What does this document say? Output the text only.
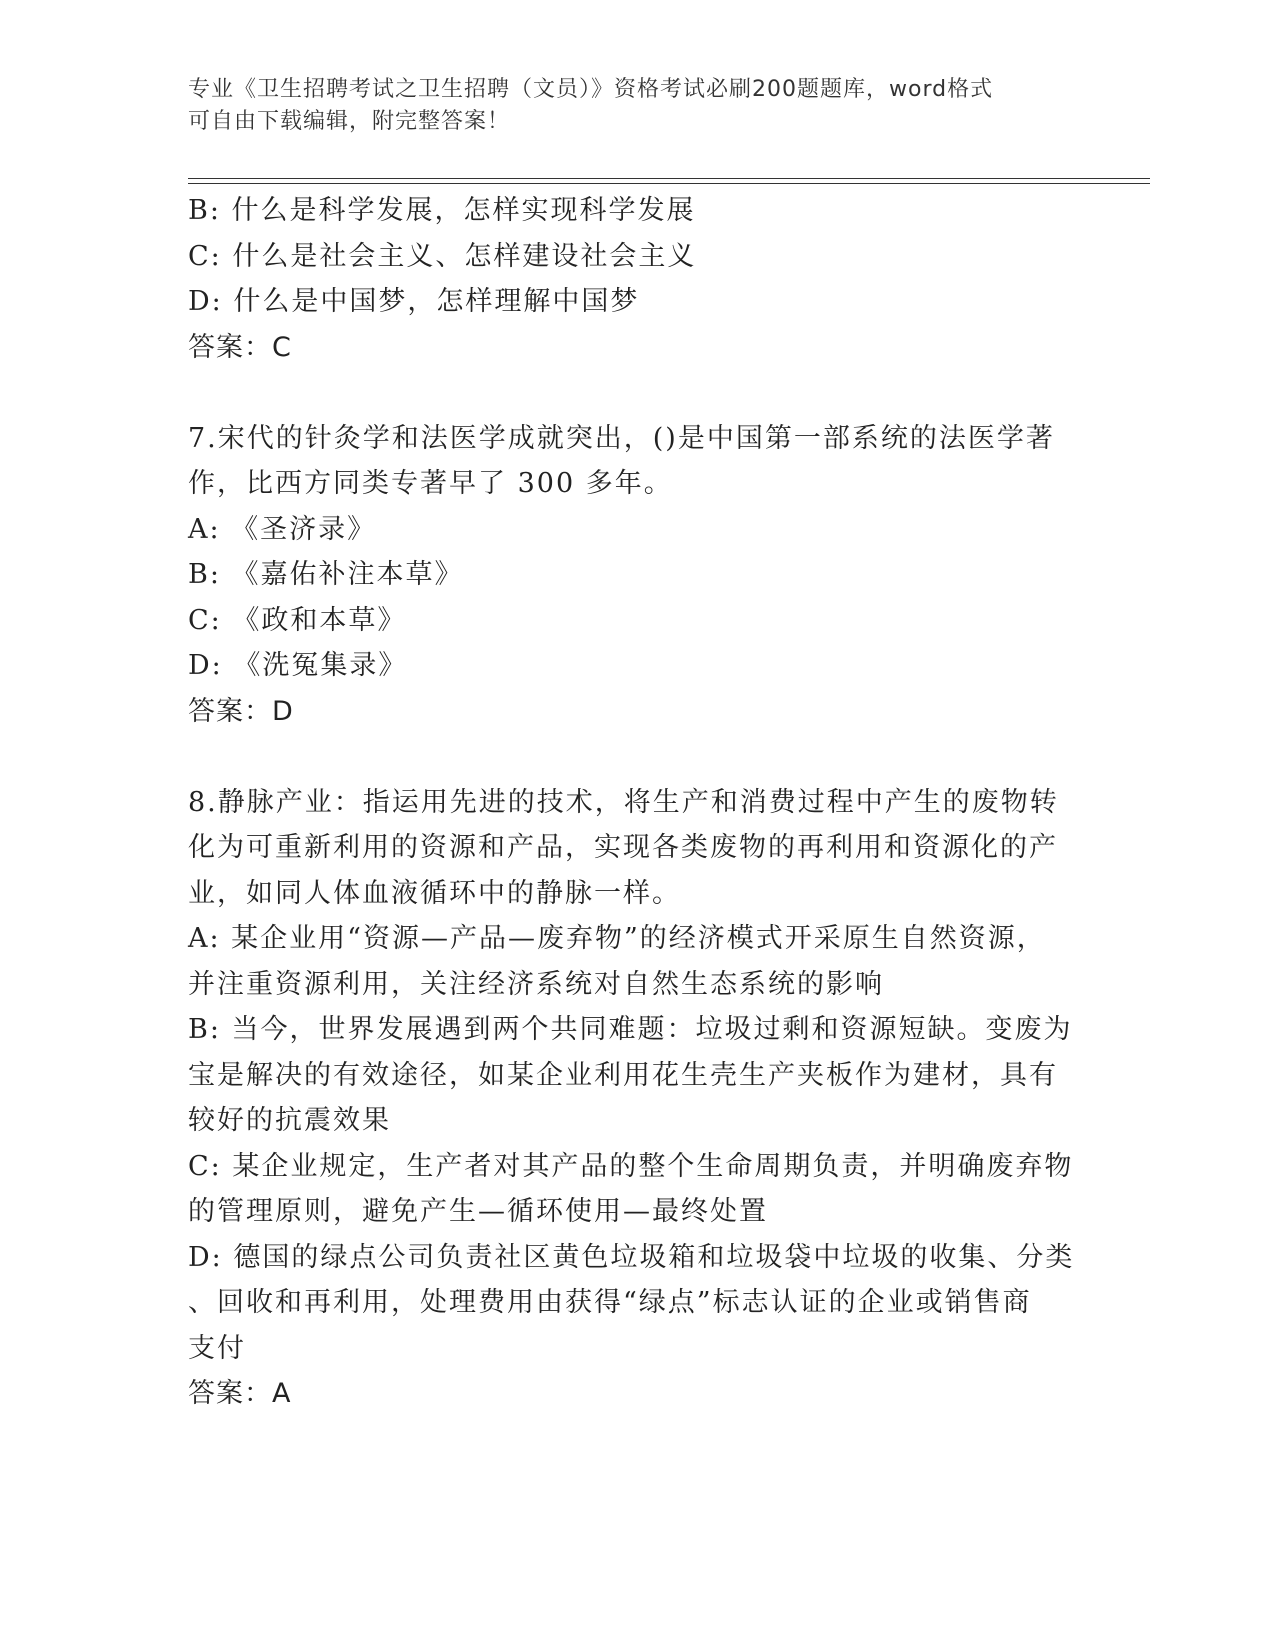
专业《卫生招聘考试之卫生招聘（文员）》资格考试必刷200题题库，word格式
可自由下载编辑，附完整答案！
B: 什么是科学发展，怎样实现科学发展
C: 什么是社会主义、怎样建设社会主义
D: 什么是中国梦，怎样理解中国梦
答案：C
7.宋代的针灸学和法医学成就突出，()是中国第一部系统的法医学著
作，比西方同类专著早了 300 多年。
A: 《圣济录》
B: 《嘉佑补注本草》
C: 《政和本草》
D: 《洗冤集录》
答案：D
8.静脉产业：指运用先进的技术，将生产和消费过程中产生的废物转
化为可重新利用的资源和产品，实现各类废物的再利用和资源化的产
业，如同人体血液循环中的静脉一样。
A: 某企业用“资源—产品—废弃物”的经济模式开采原生自然资源，
并注重资源利用，关注经济系统对自然生态系统的影响
B: 当今，世界发展遇到两个共同难题：垃圾过剩和资源短缺。变废为
宝是解决的有效途径，如某企业利用花生壳生产夹板作为建材，具有
较好的抗震效果
C: 某企业规定，生产者对其产品的整个生命周期负责，并明确废弃物
的管理原则，避免产生—循环使用—最终处置
D: 德国的绿点公司负责社区黄色垃圾箱和垃圾袋中垃圾的收集、分类
、回收和再利用，处理费用由获得“绿点”标志认证的企业或销售商
支付
答案：A
